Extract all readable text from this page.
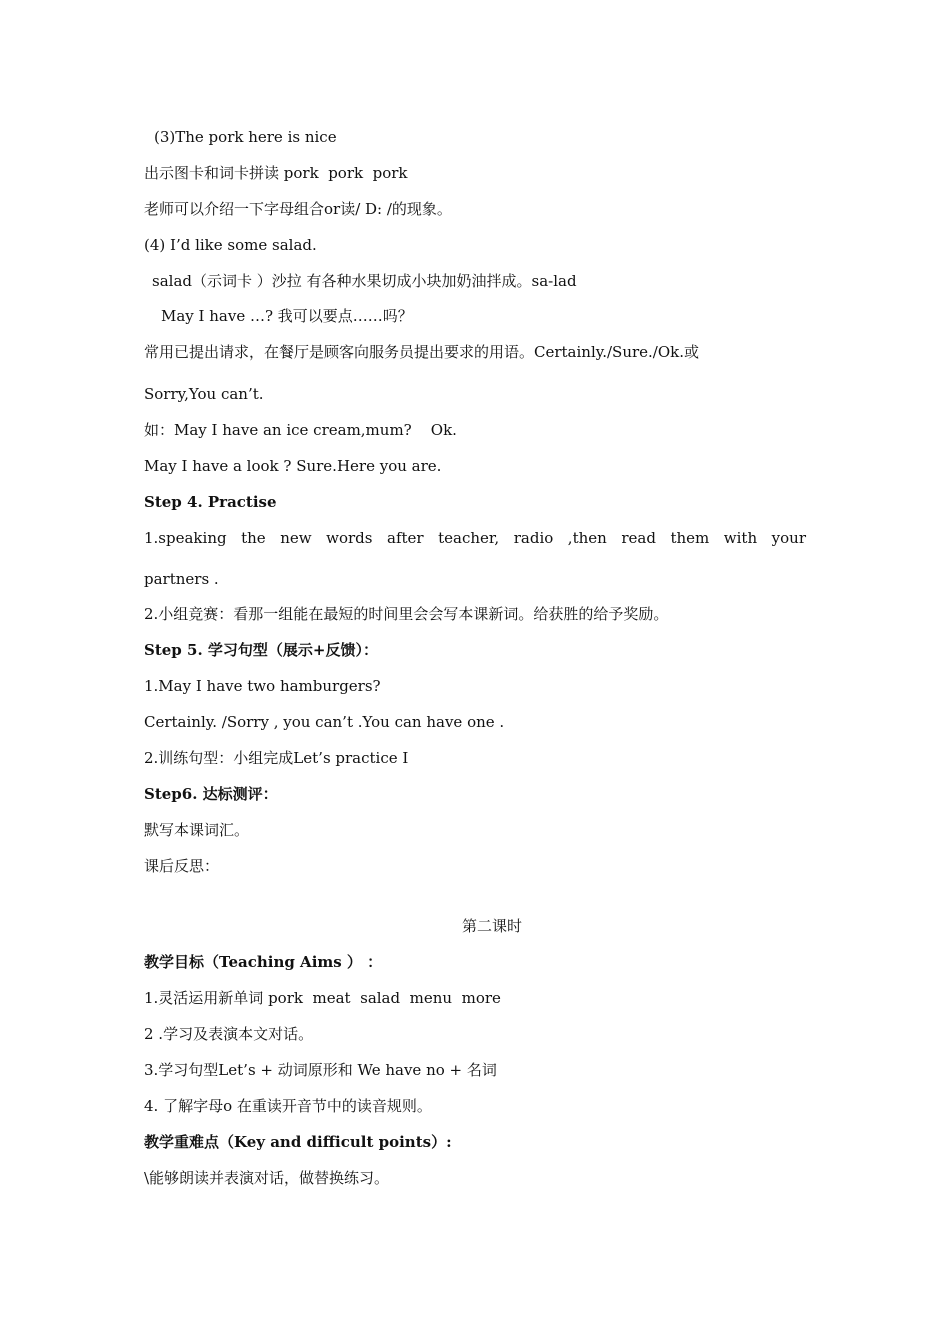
(3)The pork here is nice
出示图卡和词卡拼读 pork  pork  pork
老师可以介绍一下字母组合or读/ D: /的现象。
(4) I’d like some salad.
salad（示词卡 ）沙拉 有各种水果切成小块加奶油拌成。sa-lad
May I have …? 我可以要点……吗？
常用已提出请求，在餐厅是顾客向服务员提出要求的用语。Certainly./Sure./Ok.或
Sorry,You can’t.
如：May I have an ice cream,mum?    Ok.
May I have a look ? Sure.Here you are.
Step 4. Practise
1.speaking the new words after teacher, radio ,then read them with your
partners .
2.小组竞赛：看那一组能在最短的时间里会会写本课新词。给获胜的给予奖励。
Step 5. 学习句型（展示+反馈）：
1.May I have two hamburgers?
Certainly. /Sorry , you can’t .You can have one .
2.训练句型：小组完成Let’s practice I
Step6. 达标测评：
默写本课词汇。
课后反思：
第二课时
教学目标（Teaching Aims ） ：
1.灵活运用新单词 pork  meat  salad  menu  more
2 .学习及表演本文对话。
3.学习句型Let’s + 动词原形和 We have no + 名词
4. 了解字母o 在重读开音节中的读音规则。
教学重难点（Key and difficult points）:
\能够朗读并表演对话，做替换练习。
